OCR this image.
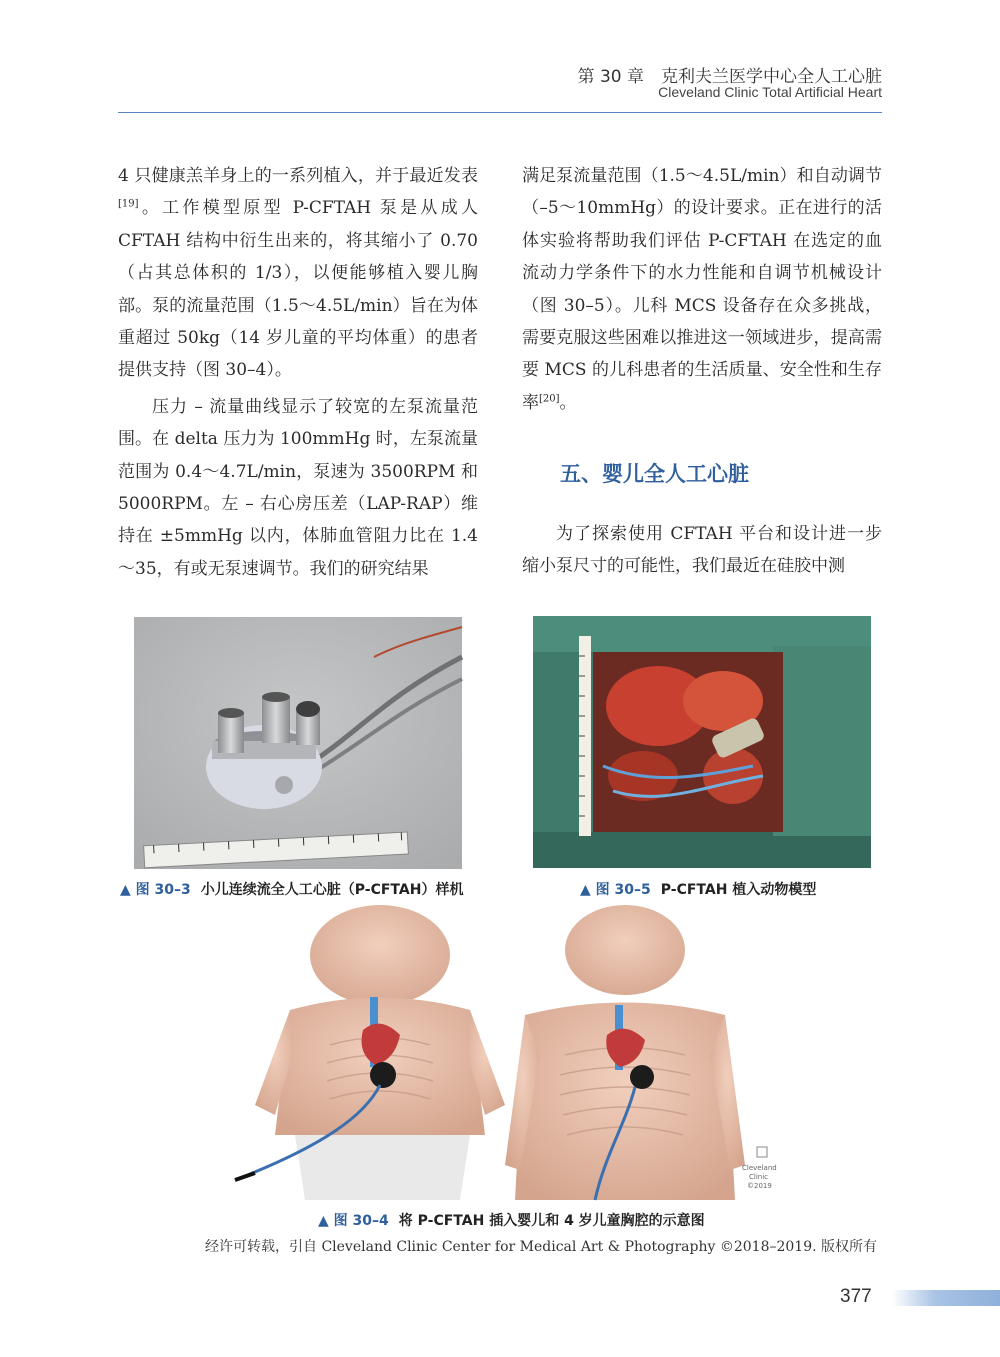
第 30 章　克利夫兰医学中心全人工心脏
Cleveland Clinic Total Artificial Heart

4 只健康羔羊身上的一系列植入，并于最近发表[19]。工作模型原型 P-CFTAH 泵是从成人 CFTAH 结构中衍生出来的，将其缩小了 0.70（占其总体积的 1/3），以便能够植入婴儿胸部。泵的流量范围（1.5～4.5L/min）旨在为体重超过 50kg（14 岁儿童的平均体重）的患者提供支持（图 30–4）。

压力 – 流量曲线显示了较宽的左泵流量范围。在 delta 压力为 100mmHg 时，左泵流量范围为 0.4～4.7L/min，泵速为 3500RPM 和 5000RPM。左 – 右心房压差（LAP-RAP）维持在 ±5mmHg 以内，体肺血管阻力比在 1.4～35，有或无泵速调节。我们的研究结果

满足泵流量范围（1.5～4.5L/min）和自动调节（–5～10mmHg）的设计要求。正在进行的活体实验将帮助我们评估 P-CFTAH 在选定的血流动力学条件下的水力性能和自调节机械设计（图 30–5）。儿科 MCS 设备存在众多挑战，需要克服这些困难以推进这一领域进步，提高需要 MCS 的儿科患者的生活质量、安全性和生存率[20]。

五、婴儿全人工心脏

为了探索使用 CFTAH 平台和设计进一步缩小泵尺寸的可能性，我们最近在硅胶中测

▲ 图 30–3 小儿连续流全人工心脏（P-CFTAH）样机	▲ 图 30–5 P-CFTAH 植入动物模型
Cleveland
Clinic
©2019
▲ 图 30–4 将 P-CFTAH 插入婴儿和 4 岁儿童胸腔的示意图
经许可转载，引自 Cleveland Clinic Center for Medical Art & Photography ©2018–2019. 版权所有
377
